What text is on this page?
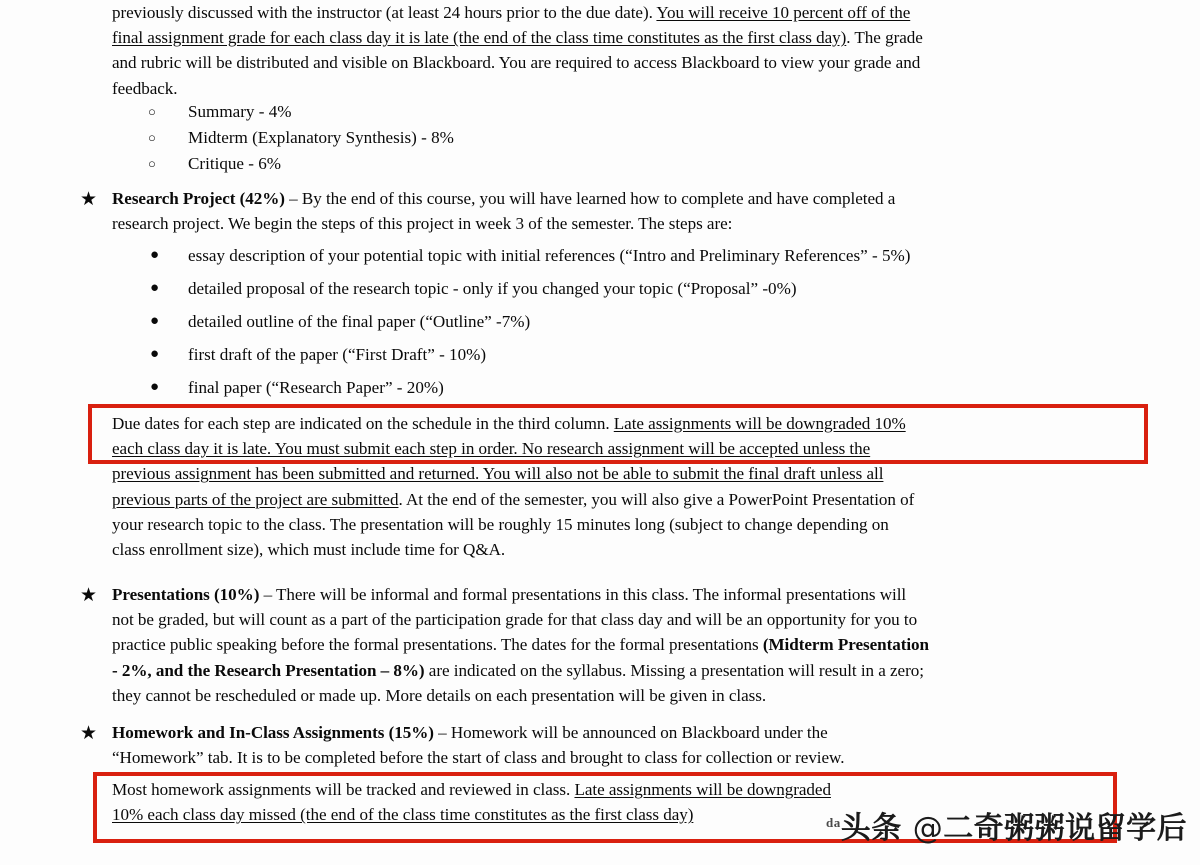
previously discussed with the instructor (at least 24 hours prior to the due date). You will receive 10 percent off of the
final assignment grade for each class day it is late (the end of the class time constitutes as the first class day). The grade
and rubric will be distributed and visible on Blackboard. You are required to access Blackboard to view your grade and
feedback.
○ Summary - 4%
○ Midterm (Explanatory Synthesis) - 8%
○ Critique - 6%
★ Research Project (42%) – By the end of this course, you will have learned how to complete and have completed a
research project. We begin the steps of this project in week 3 of the semester. The steps are:
● essay description of your potential topic with initial references (“Intro and Preliminary References” - 5%)
● detailed proposal of the research topic - only if you changed your topic (“Proposal” -0%)
● detailed outline of the final paper (“Outline” -7%)
● first draft of the paper (“First Draft” - 10%)
● final paper (“Research Paper” - 20%)
Due dates for each step are indicated on the schedule in the third column. Late assignments will be downgraded 10%
each class day it is late. You must submit each step in order. No research assignment will be accepted unless the
previous assignment has been submitted and returned. You will also not be able to submit the final draft unless all
previous parts of the project are submitted. At the end of the semester, you will also give a PowerPoint Presentation of
your research topic to the class. The presentation will be roughly 15 minutes long (subject to change depending on
class enrollment size), which must include time for Q&A.
★ Presentations (10%) – There will be informal and formal presentations in this class. The informal presentations will
not be graded, but will count as a part of the participation grade for that class day and will be an opportunity for you to
practice public speaking before the formal presentations. The dates for the formal presentations (Midterm Presentation
- 2%, and the Research Presentation – 8%) are indicated on the syllabus. Missing a presentation will result in a zero;
they cannot be rescheduled or made up. More details on each presentation will be given in class.
★ Homework and In-Class Assignments (15%) – Homework will be announced on Blackboard under the
“Homework” tab. It is to be completed before the start of class and brought to class for collection or review.
Most homework assignments will be tracked and reviewed in class. Late assignments will be downgraded
10% each class day missed (the end of the class time constitutes as the first class day)	$^{da}$头条 @二奇粥粥说留学后
